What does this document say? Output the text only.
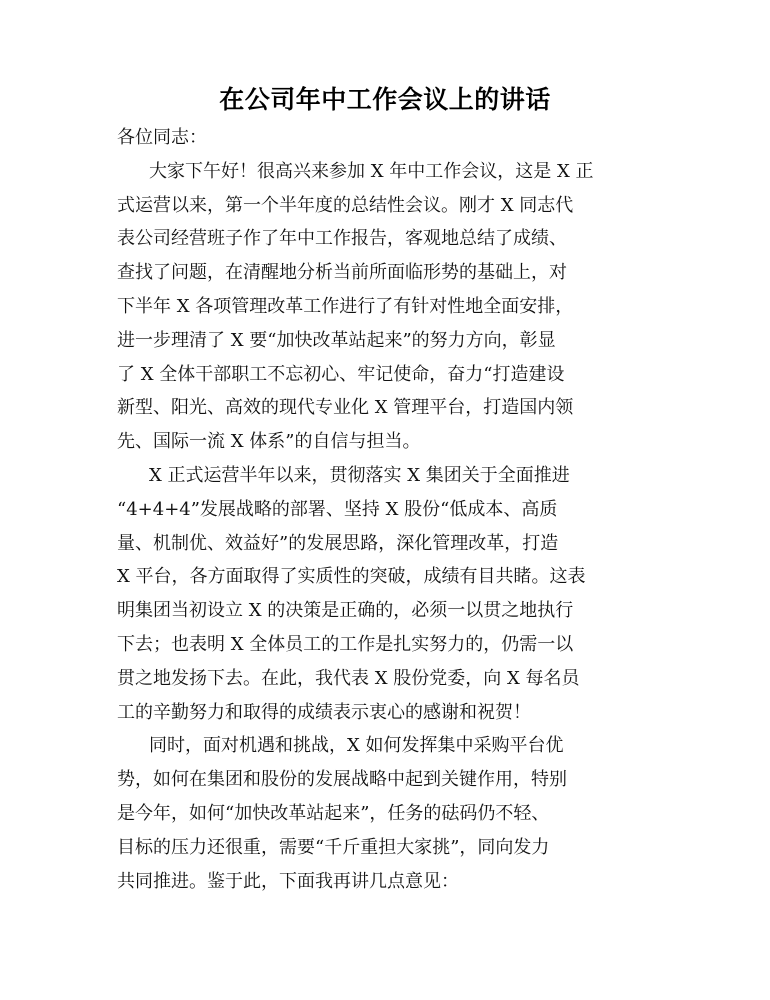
在公司年中工作会议上的讲话

各位同志：

大家下午好！很高兴来参加 X 年中工作会议，这是 X 正
式运营以来，第一个半年度的总结性会议。刚才 X 同志代
表公司经营班子作了年中工作报告，客观地总结了成绩、
查找了问题，在清醒地分析当前所面临形势的基础上，对
下半年 X 各项管理改革工作进行了有针对性地全面安排，
进一步理清了 X 要“加快改革站起来”的努力方向，彰显
了 X 全体干部职工不忘初心、牢记使命，奋力“打造建设
新型、阳光、高效的现代专业化 X 管理平台，打造国内领
先、国际一流 X 体系”的自信与担当。

X 正式运营半年以来，贯彻落实 X 集团关于全面推进
“4+4+4”发展战略的部署、坚持 X 股份“低成本、高质
量、机制优、效益好”的发展思路，深化管理改革，打造
X 平台，各方面取得了实质性的突破，成绩有目共睹。这表
明集团当初设立 X 的决策是正确的，必须一以贯之地执行
下去；也表明 X 全体员工的工作是扎实努力的，仍需一以
贯之地发扬下去。在此，我代表 X 股份党委，向 X 每名员
工的辛勤努力和取得的成绩表示衷心的感谢和祝贺！

同时，面对机遇和挑战，X 如何发挥集中采购平台优
势，如何在集团和股份的发展战略中起到关键作用，特别
是今年，如何“加快改革站起来”，任务的砝码仍不轻、
目标的压力还很重，需要“千斤重担大家挑”，同向发力
共同推进。鉴于此，下面我再讲几点意见：
